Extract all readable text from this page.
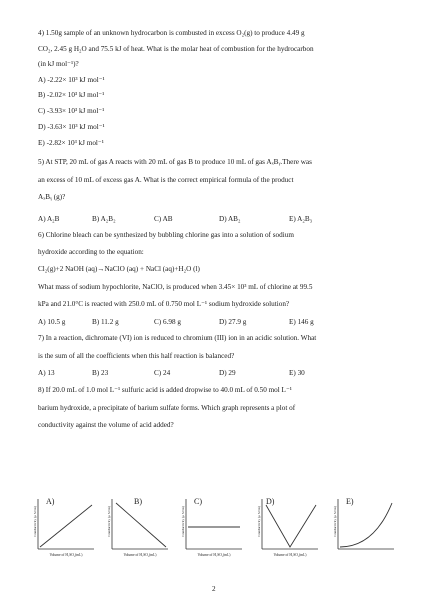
4) 1.50g sample of an unknown hydrocarbon is combusted in excess O₂(g) to produce 4.49 g
CO₂, 2.45 g H₂O and 75.5 kJ of heat. What is the molar heat of combustion for the hydrocarbon
(in kJ mol⁻¹)?
A) -2.22× 10³ kJ mol⁻¹
B) -2.02× 10³ kJ mol⁻¹
C) -3.93× 10³ kJ mol⁻¹
D) -3.63× 10³ kJ mol⁻¹
E) -2.82× 10³ kJ mol⁻¹
5) At STP, 20 mL of gas A reacts with 20 mL of gas B to produce 10 mL of gas AₓBᵧ.There was
an excess of 10 mL of excess gas A. What is the correct empirical formula of the product
AₓBᵧ (g)?
A) A₂B	B) A₂B₂	C) AB	D) AB₂	E) A₂B₃
6) Chlorine bleach can be synthesized by bubbling chlorine gas into a solution of sodium
hydroxide according to the equation:
Cl₂(g)+2 NaOH (aq)→NaClO (aq) + NaCl (aq)+H₂O (l)
What mass of sodium hypochlorite, NaClO, is produced when 3.45× 10³ mL of chlorine at 99.5
kPa and 21.0°C is reacted with 250.0 mL of 0.750 mol L⁻¹ sodium hydroxide solution?
A) 10.5 g	B) 11.2 g	C) 6.98 g	D) 27.9 g	E) 146 g
7) In a reaction, dichromate (VI) ion is reduced to chromium (III) ion in an acidic solution. What
is the sum of all the coefficients when this half reaction is balanced?
A) 13	B) 23	C) 24	D) 29	E) 30
8) If 20.0 mL of 1.0 mol L⁻¹ sulfuric acid is added dropwise to 40.0 mL of 0.50 mol L⁻¹
barium hydroxide, a precipitate of barium sulfate forms. Which graph represents a plot of
conductivity against the volume of acid added?
Conductivity (μ S/cm)
A)
Volume of H₂SO₄(mL)
Conductivity (μ S/cm)
B)
Volume of H₂SO₄(mL)
Conductivity (μ S/cm)
C)
Volume of H₂SO₄(mL)
Conductivity (μ S/cm)
D)
Volume of H₂SO₄(mL)
Conductivity (μ S/cm)
E)
2
